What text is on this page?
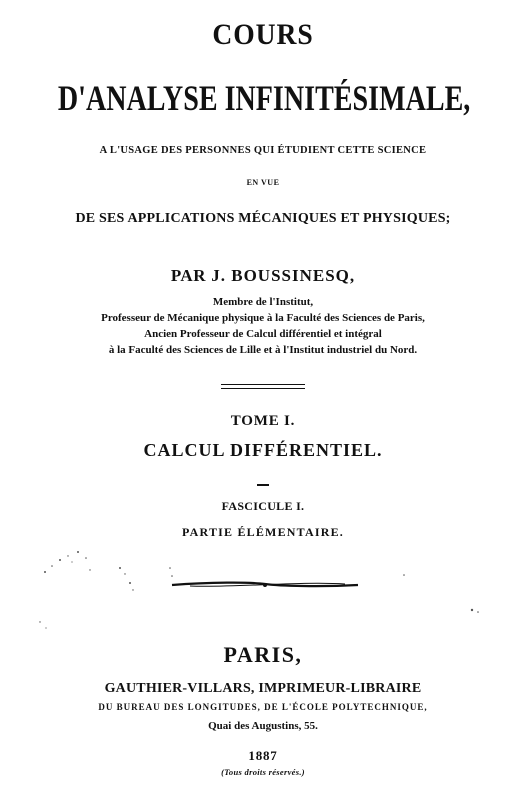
COURS
D'ANALYSE INFINITÉSIMALE,
A L'USAGE DES PERSONNES QUI ÉTUDIENT CETTE SCIENCE
EN VUE
DE SES APPLICATIONS MÉCANIQUES ET PHYSIQUES;
PAR J. BOUSSINESQ,
Membre de l'Institut,
Professeur de Mécanique physique à la Faculté des Sciences de Paris,
Ancien Professeur de Calcul différentiel et intégral
à la Faculté des Sciences de Lille et à l'Institut industriel du Nord.
TOME I.
CALCUL DIFFÉRENTIEL.
FASCICULE I.
PARTIE ÉLÉMENTAIRE.
PARIS,
GAUTHIER-VILLARS, IMPRIMEUR-LIBRAIRE
DU BUREAU DES LONGITUDES, DE L'ÉCOLE POLYTECHNIQUE,
Quai des Augustins, 55.
1887
(Tous droits réservés.)
